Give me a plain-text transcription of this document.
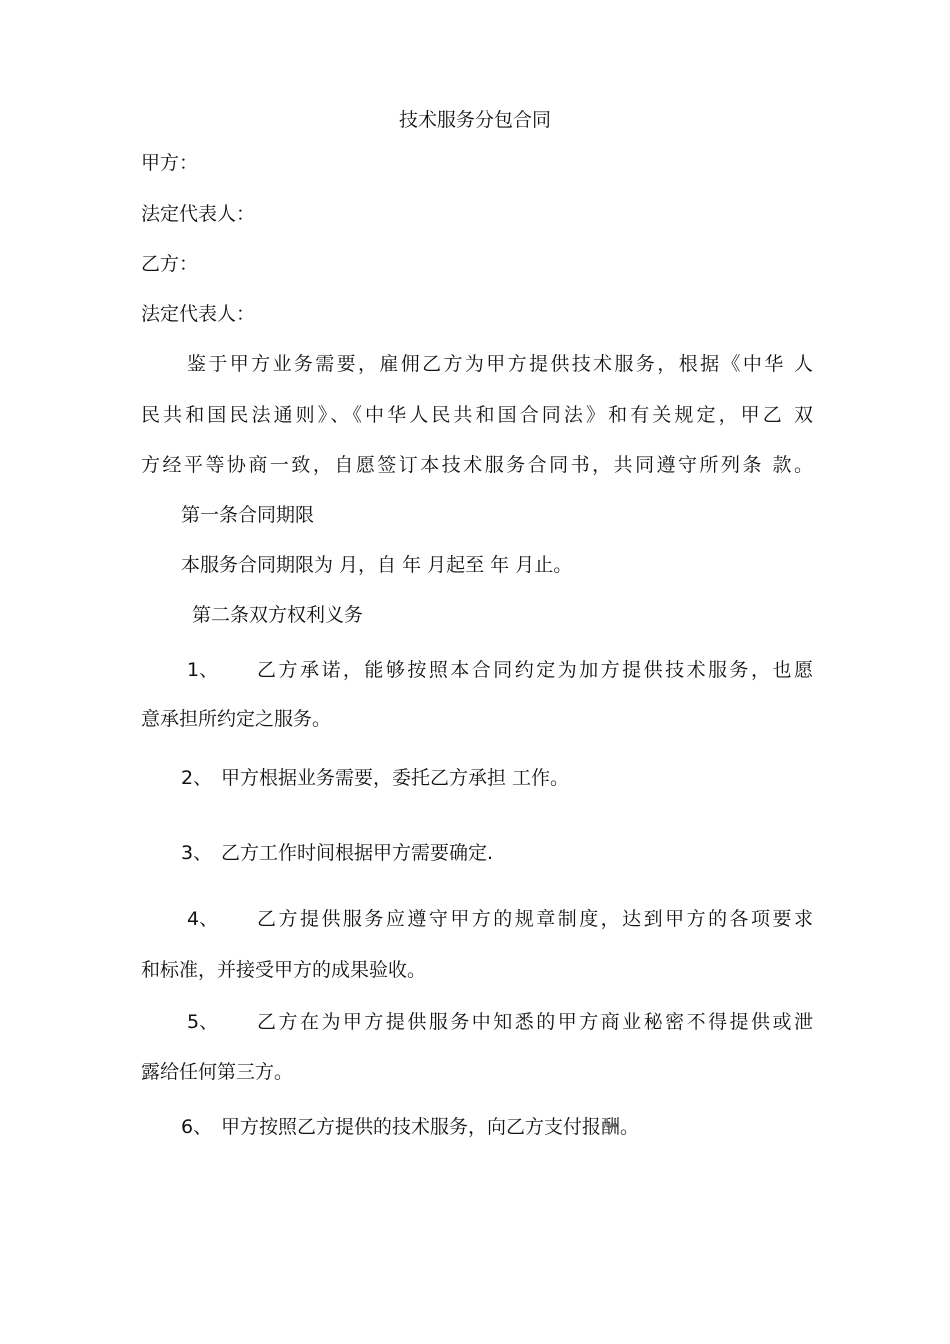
技术服务分包合同

甲方：

法定代表人：

乙方：

法定代表人：

鉴于甲方业务需要，雇佣乙方为甲方提供技术服务，根据《中华 人

民共和国民法通则》、《中华人民共和国合同法》和有关规定，甲乙 双

方经平等协商一致，自愿签订本技术服务合同书，共同遵守所列条 款。

第一条合同期限

本服务合同期限为 月，自 年 月起至 年 月止。

第二条双方权利义务

1、 乙方承诺，能够按照本合同约定为加方提供技术服务，也愿

意承担所约定之服务。

2、 甲方根据业务需要，委托乙方承担 工作。

3、 乙方工作时间根据甲方需要确定.

4、 乙方提供服务应遵守甲方的规章制度，达到甲方的各项要求

和标准，并接受甲方的成果验收。

5、 乙方在为甲方提供服务中知悉的甲方商业秘密不得提供或泄

露给任何第三方。

6、 甲方按照乙方提供的技术服务，向乙方支付报酬。
